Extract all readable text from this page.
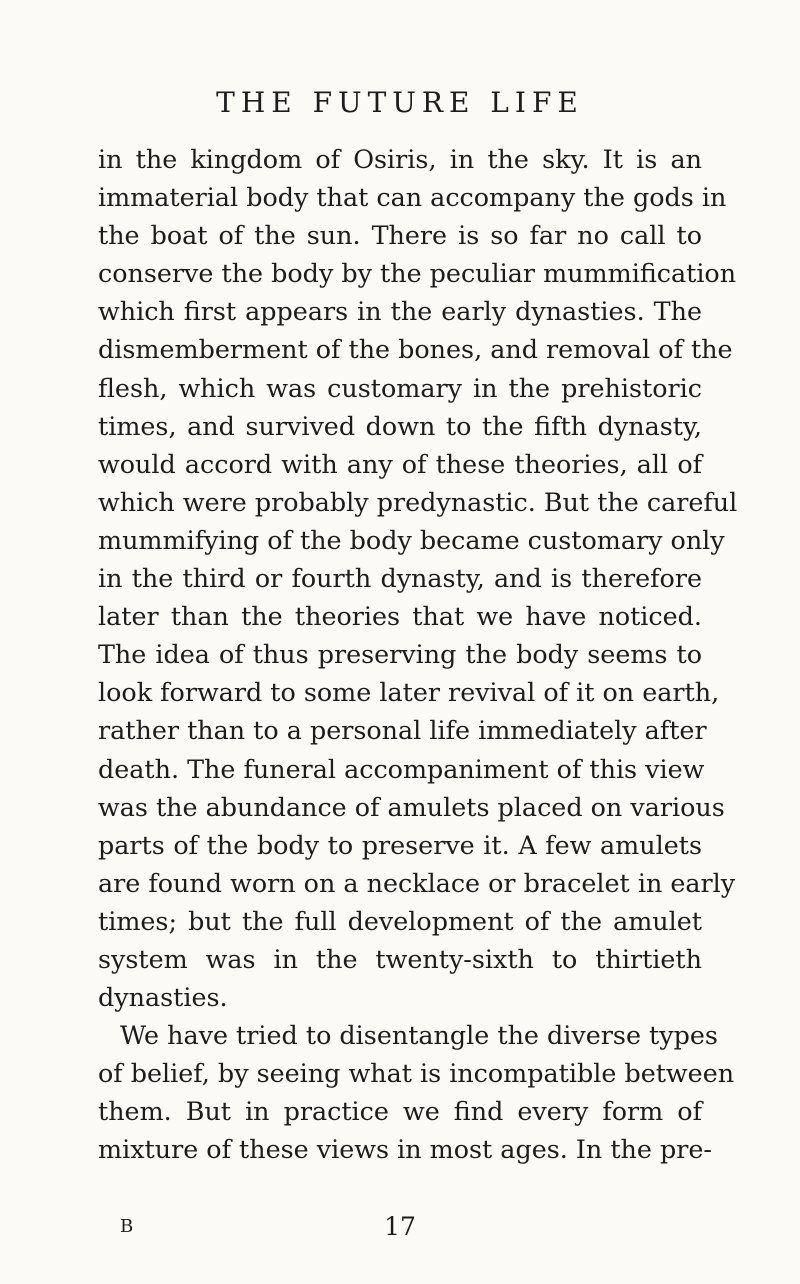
THE FUTURE LIFE
in the kingdom of Osiris, in the sky. It is an
immaterial body that can accompany the gods in
the boat of the sun. There is so far no call to
conserve the body by the peculiar mummification
which first appears in the early dynasties. The
dismemberment of the bones, and removal of the
flesh, which was customary in the prehistoric
times, and survived down to the fifth dynasty,
would accord with any of these theories, all of
which were probably predynastic. But the careful
mummifying of the body became customary only
in the third or fourth dynasty, and is therefore
later than the theories that we have noticed.
The idea of thus preserving the body seems to
look forward to some later revival of it on earth,
rather than to a personal life immediately after
death. The funeral accompaniment of this view
was the abundance of amulets placed on various
parts of the body to preserve it. A few amulets
are found worn on a necklace or bracelet in early
times; but the full development of the amulet
system was in the twenty-sixth to thirtieth
dynasties.
We have tried to disentangle the diverse types
of belief, by seeing what is incompatible between
them. But in practice we find every form of
mixture of these views in most ages. In the pre-
B	17
